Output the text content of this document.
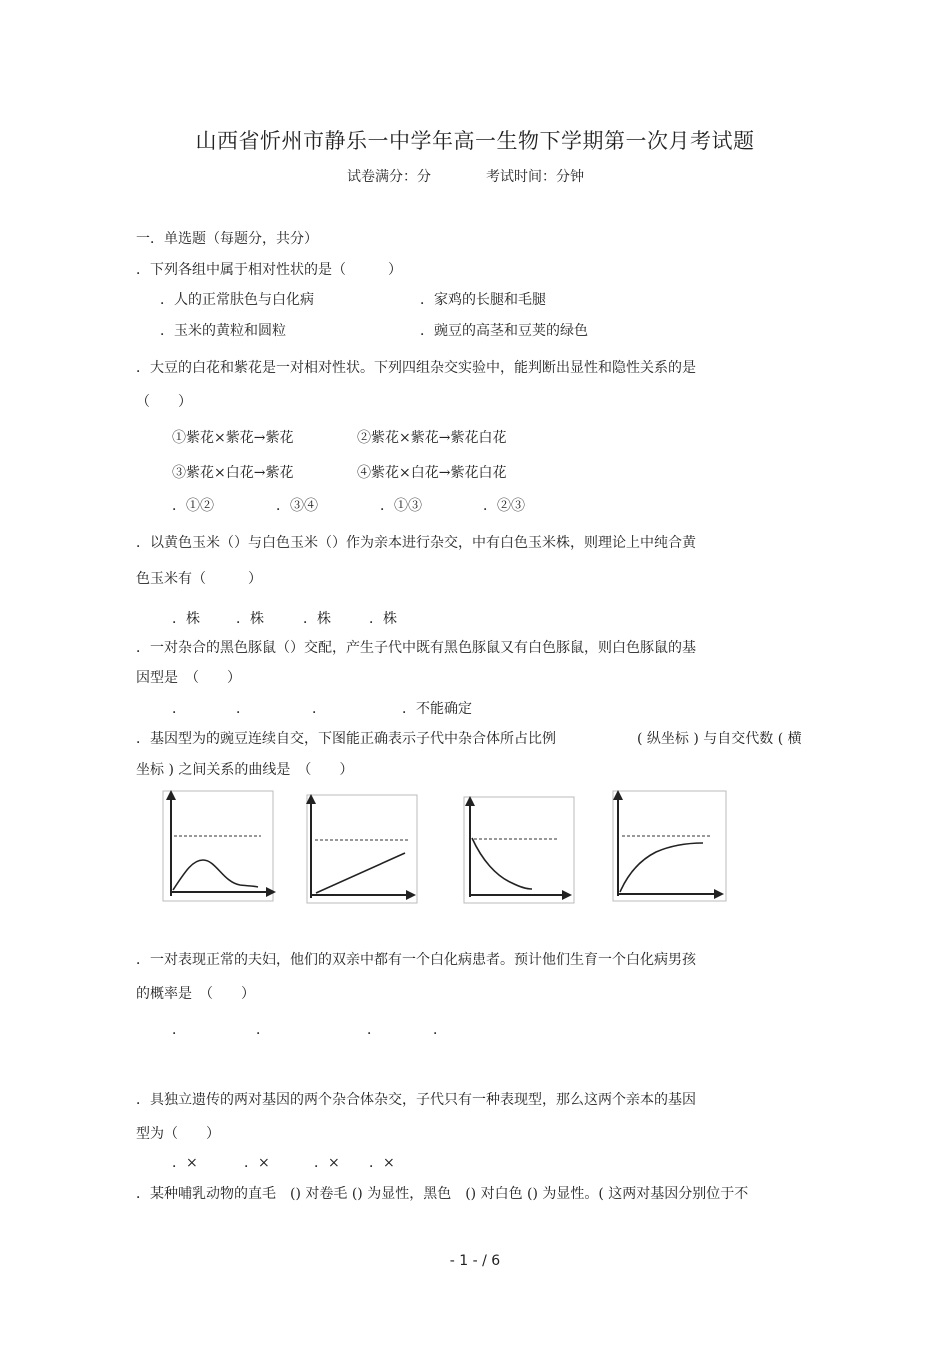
山西省忻州市静乐一中学年高一生物下学期第一次月考试题
试卷满分：分	考试时间：分钟
一．单选题（每题分，共分）
．下列各组中属于相对性状的是（　　　）
．人的正常肤色与白化病	．家鸡的长腿和毛腿
．玉米的黄粒和圆粒	．豌豆的高茎和豆荚的绿色
．大豆的白花和紫花是一对相对性状。下列四组杂交实验中，能判断出显性和隐性关系的是
（　　）
①紫花×紫花→紫花	②紫花×紫花→紫花白花
③紫花×白花→紫花	④紫花×白花→紫花白花
．①②	．③④	．①③	．②③
．以黄色玉米（）与白色玉米（）作为亲本进行杂交，中有白色玉米株，则理论上中纯合黄
色玉米有（　　　）
．株	．株	．株	．株
．一对杂合的黑色豚鼠（）交配，产生子代中既有黑色豚鼠又有白色豚鼠，则白色豚鼠的基
因型是　（　　）
．	．	．	．不能确定
．基因型为的豌豆连续自交，下图能正确表示子代中杂合体所占比例	( 纵坐标 ) 与自交代数 ( 横
坐标 ) 之间关系的曲线是　（　　）
．一对表现正常的夫妇，他们的双亲中都有一个白化病患者。预计他们生育一个白化病男孩
的概率是　（　　）
．	．	．	．
．具独立遗传的两对基因的两个杂合体杂交，子代只有一种表现型，那么这两个亲本的基因
型为（　　）
．×	．×	．× ．×
．某种哺乳动物的直毛　() 对卷毛 () 为显性，黑色　() 对白色 () 为显性。( 这两对基因分别位于不
- 1 - / 6
